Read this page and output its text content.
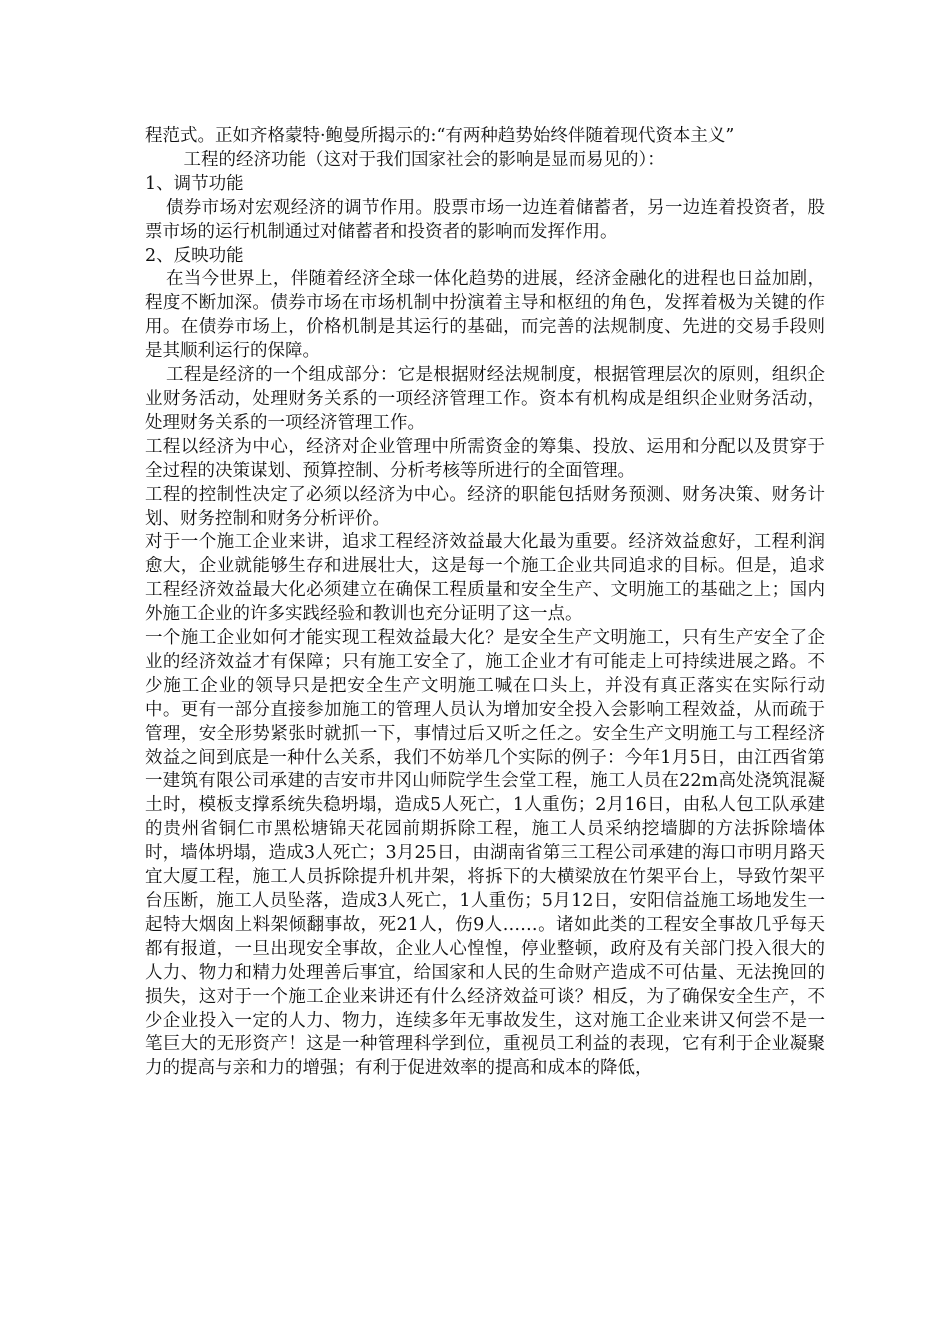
程范式。正如齐格蒙特·鲍曼所揭示的:“有两种趋势始终伴随着现代资本主义”

工程的经济功能（这对于我们国家社会的影响是显而易见的）：

1、调节功能

债券市场对宏观经济的调节作用。股票市场一边连着储蓄者，另一边连着投资者，股票市场的运行机制通过对储蓄者和投资者的影响而发挥作用。

2、反映功能

在当今世界上，伴随着经济全球一体化趋势的进展，经济金融化的进程也日益加剧，程度不断加深。债券市场在市场机制中扮演着主导和枢纽的角色，发挥着极为关键的作用。在债券市场上，价格机制是其运行的基础，而完善的法规制度、先进的交易手段则是其顺利运行的保障。

工程是经济的一个组成部分：它是根据财经法规制度，根据管理层次的原则，组织企业财务活动，处理财务关系的一项经济管理工作。资本有机构成是组织企业财务活动，处理财务关系的一项经济管理工作。

工程以经济为中心，经济对企业管理中所需资金的筹集、投放、运用和分配以及贯穿于全过程的决策谋划、预算控制、分析考核等所进行的全面管理。

工程的控制性决定了必须以经济为中心。经济的职能包括财务预测、财务决策、财务计划、财务控制和财务分析评价。

对于一个施工企业来讲，追求工程经济效益最大化最为重要。经济效益愈好，工程利润愈大，企业就能够生存和进展壮大，这是每一个施工企业共同追求的目标。但是，追求工程经济效益最大化必须建立在确保工程质量和安全生产、文明施工的基础之上；国内外施工企业的许多实践经验和教训也充分证明了这一点。

一个施工企业如何才能实现工程效益最大化？是安全生产文明施工，只有生产安全了企业的经济效益才有保障；只有施工安全了，施工企业才有可能走上可持续进展之路。不少施工企业的领导只是把安全生产文明施工喊在口头上，并没有真正落实在实际行动中。更有一部分直接参加施工的管理人员认为增加安全投入会影响工程效益，从而疏于管理，安全形势紧张时就抓一下，事情过后又听之任之。安全生产文明施工与工程经济效益之间到底是一种什么关系，我们不妨举几个实际的例子：今年1月5日，由江西省第一建筑有限公司承建的吉安市井冈山师院学生会堂工程，施工人员在22m高处浇筑混凝土时，模板支撑系统失稳坍塌，造成5人死亡，1人重伤；2月16日，由私人包工队承建的贵州省铜仁市黑松塘锦天花园前期拆除工程，施工人员采纳挖墙脚的方法拆除墙体时，墙体坍塌，造成3人死亡；3月25日，由湖南省第三工程公司承建的海口市明月路天宜大厦工程，施工人员拆除提升机井架，将拆下的大横梁放在竹架平台上，导致竹架平台压断，施工人员坠落，造成3人死亡，1人重伤；5月12日，安阳信益施工场地发生一起特大烟囱上料架倾翻事故，死21人，伤9人……。诸如此类的工程安全事故几乎每天都有报道，一旦出现安全事故，企业人心惶惶，停业整顿，政府及有关部门投入很大的人力、物力和精力处理善后事宜，给国家和人民的生命财产造成不可估量、无法挽回的损失，这对于一个施工企业来讲还有什么经济效益可谈？相反，为了确保安全生产，不少企业投入一定的人力、物力，连续多年无事故发生，这对施工企业来讲又何尝不是一笔巨大的无形资产！这是一种管理科学到位，重视员工利益的表现，它有利于企业凝聚力的提高与亲和力的增强；有利于促进效率的提高和成本的降低，
